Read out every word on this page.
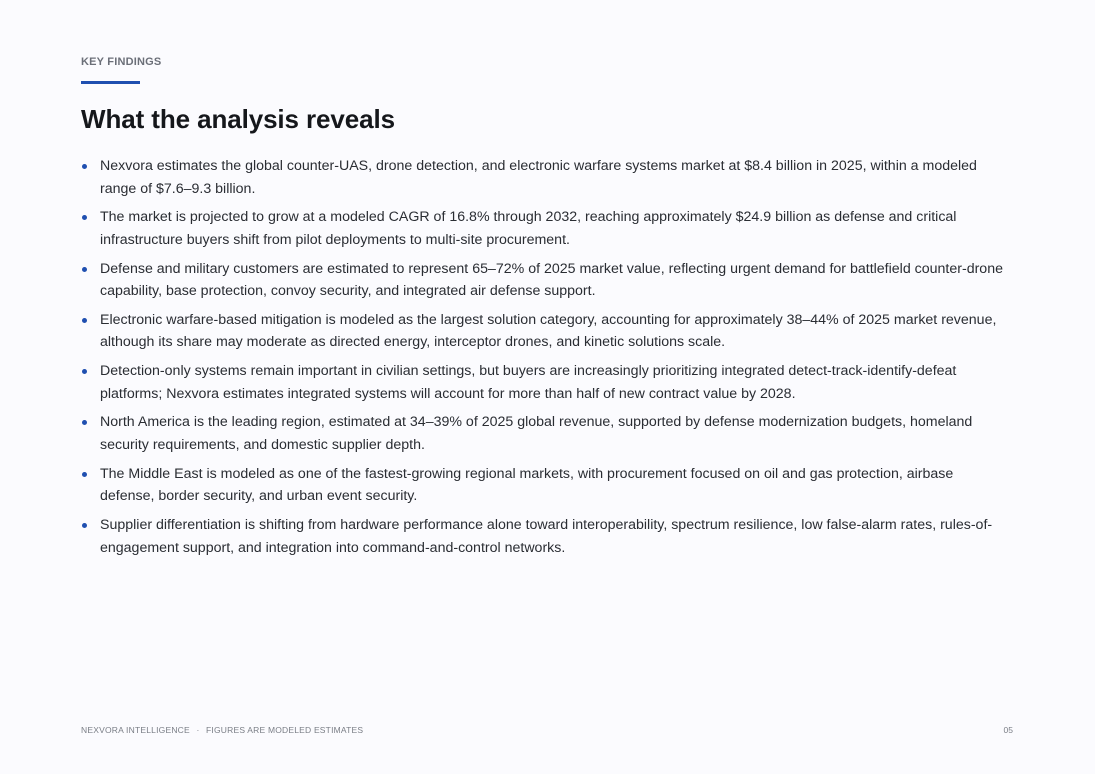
KEY FINDINGS
What the analysis reveals
Nexvora estimates the global counter-UAS, drone detection, and electronic warfare systems market at $8.4 billion in 2025, within a modeled range of $7.6–9.3 billion.
The market is projected to grow at a modeled CAGR of 16.8% through 2032, reaching approximately $24.9 billion as defense and critical infrastructure buyers shift from pilot deployments to multi-site procurement.
Defense and military customers are estimated to represent 65–72% of 2025 market value, reflecting urgent demand for battlefield counter-drone capability, base protection, convoy security, and integrated air defense support.
Electronic warfare-based mitigation is modeled as the largest solution category, accounting for approximately 38–44% of 2025 market revenue, although its share may moderate as directed energy, interceptor drones, and kinetic solutions scale.
Detection-only systems remain important in civilian settings, but buyers are increasingly prioritizing integrated detect-track-identify-defeat platforms; Nexvora estimates integrated systems will account for more than half of new contract value by 2028.
North America is the leading region, estimated at 34–39% of 2025 global revenue, supported by defense modernization budgets, homeland security requirements, and domestic supplier depth.
The Middle East is modeled as one of the fastest-growing regional markets, with procurement focused on oil and gas protection, airbase defense, border security, and urban event security.
Supplier differentiation is shifting from hardware performance alone toward interoperability, spectrum resilience, low false-alarm rates, rules-of-engagement support, and integration into command-and-control networks.
NEXVORA INTELLIGENCE · FIGURES ARE MODELED ESTIMATES	05
